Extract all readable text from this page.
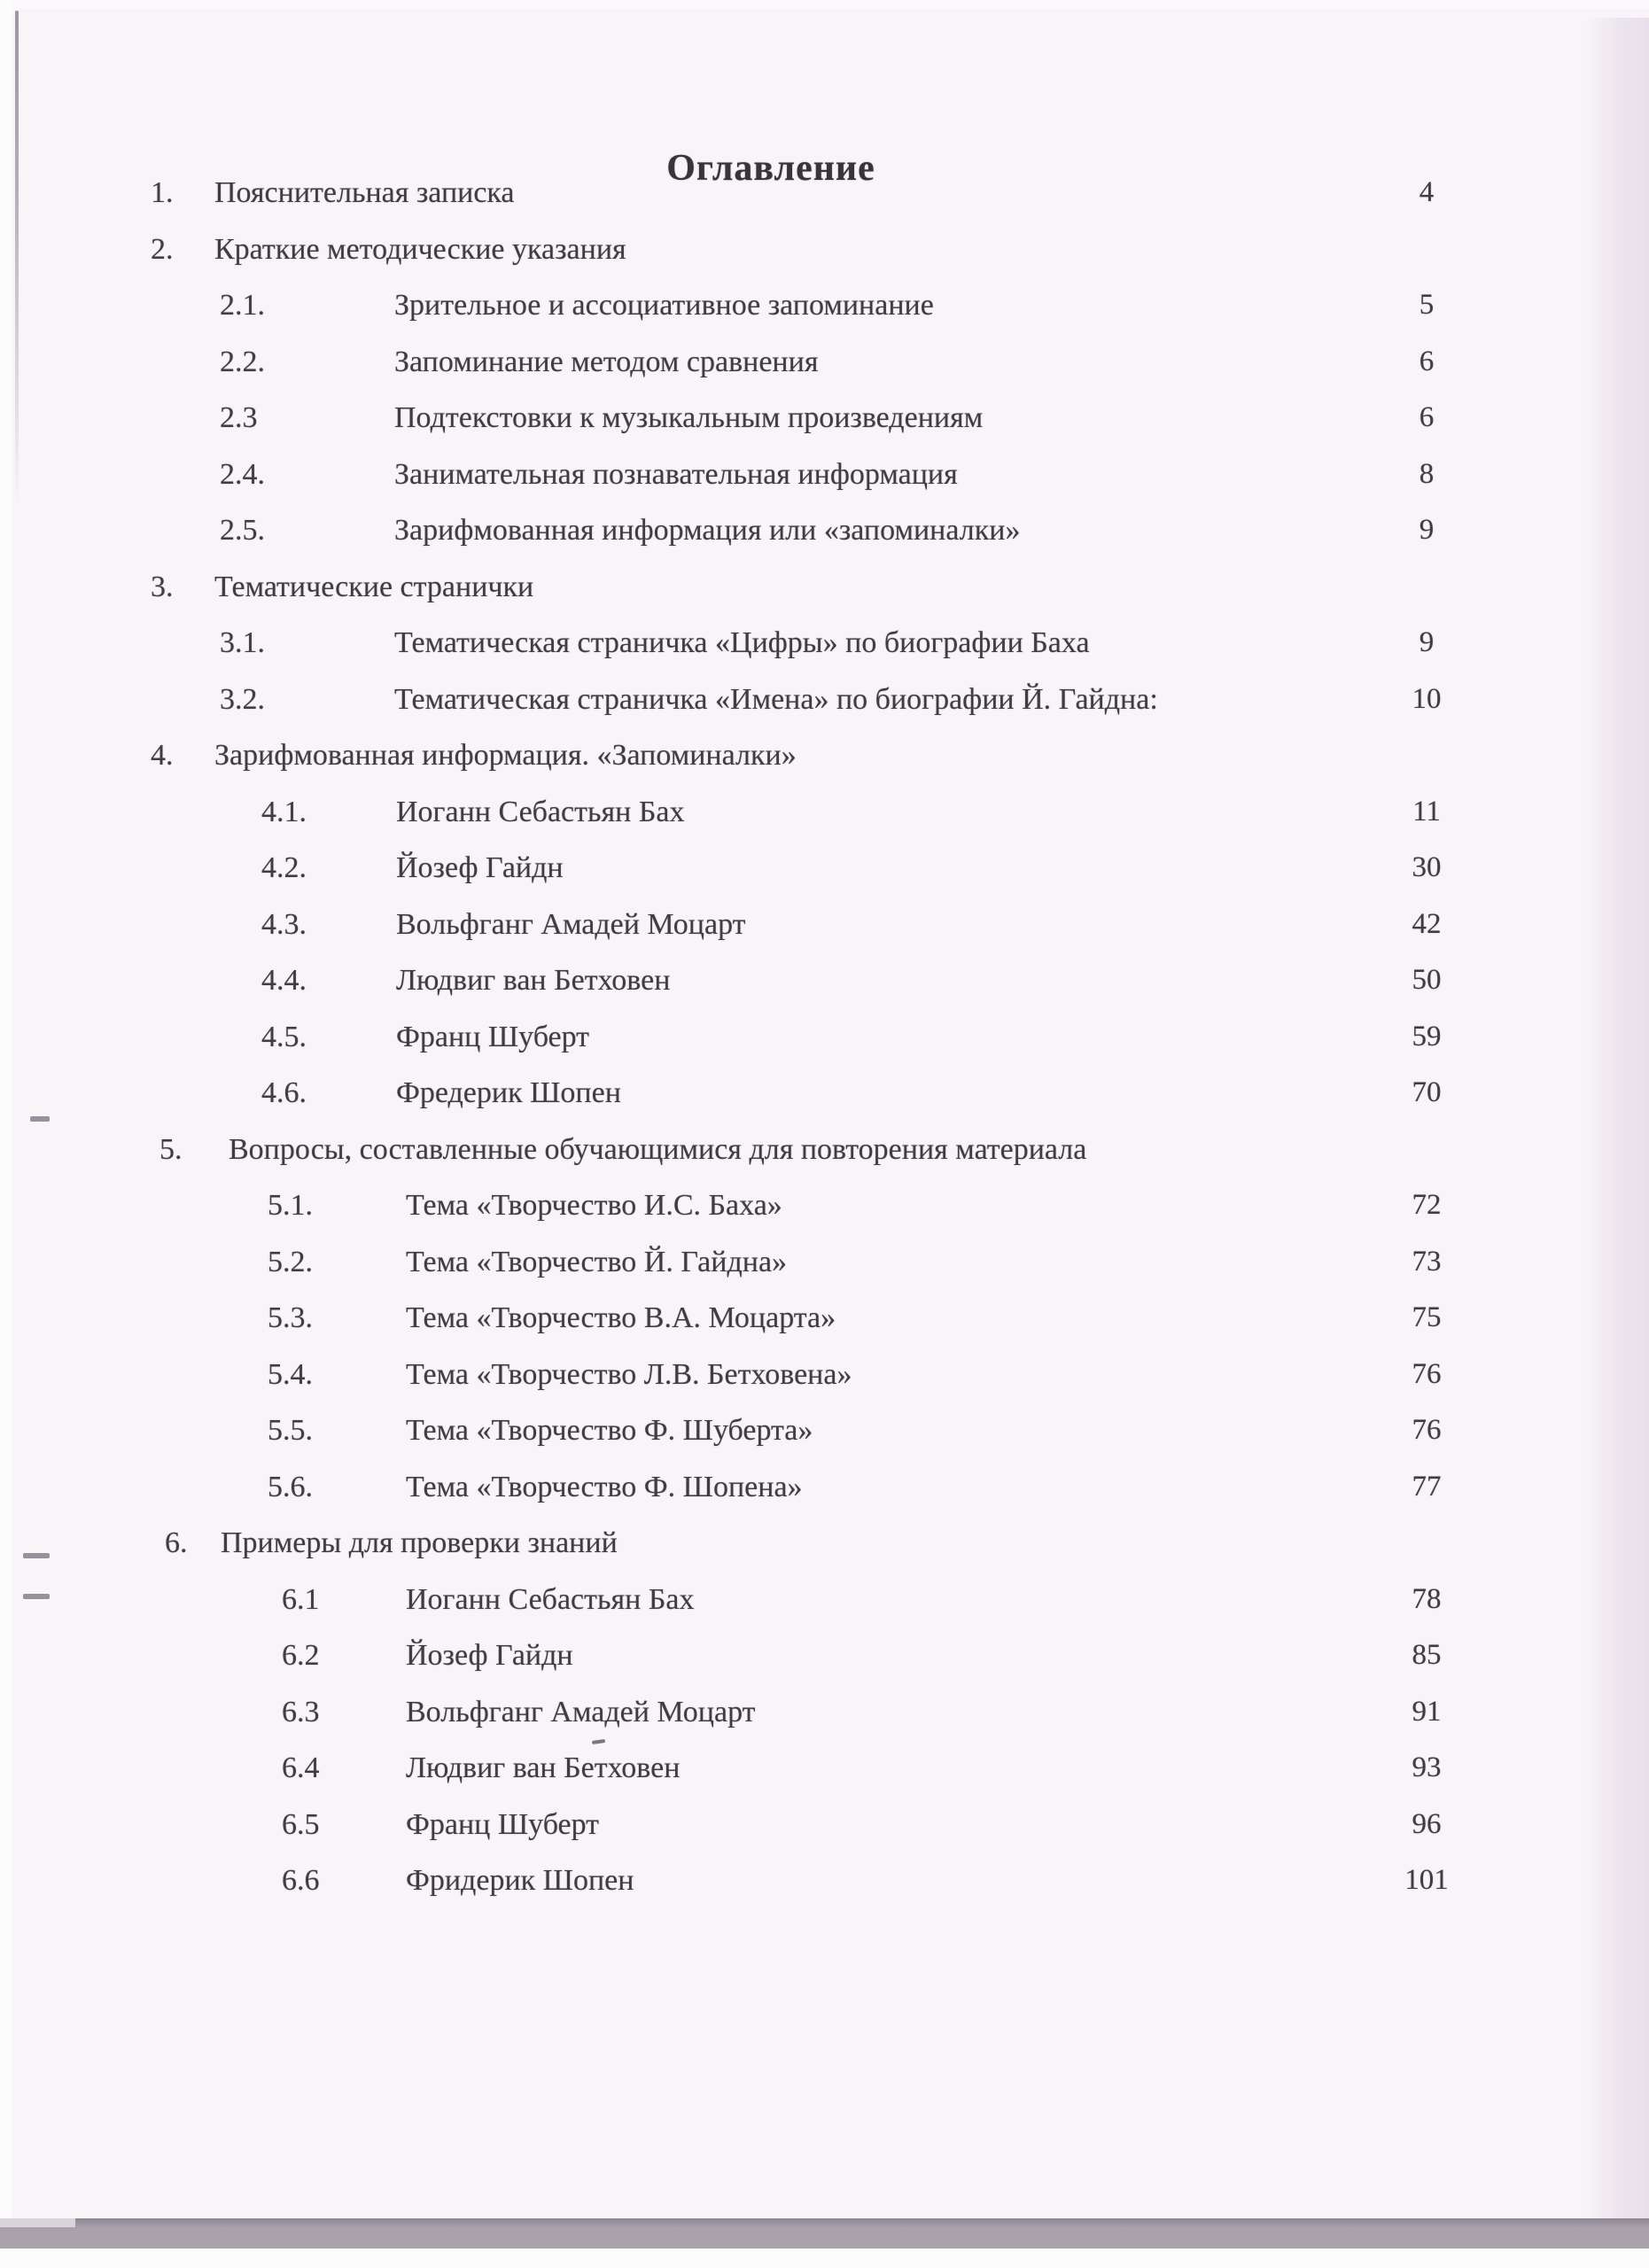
Оглавление
1. Пояснительная записка	4
2. Краткие методические указания
2.1.	Зрительное и ассоциативное запоминание	5
2.2.	Запоминание методом сравнения	6
2.3	Подтекстовки к музыкальным произведениям	6
2.4.	Занимательная познавательная информация	8
2.5.	Зарифмованная информация или «запоминалки»	9
3. Тематические странички
3.1.	Тематическая страничка «Цифры» по биографии Баха	9
3.2.	Тематическая страничка «Имена» по биографии Й. Гайдна:	10
4. Зарифмованная информация. «Запоминалки»
4.1.	Иоганн Себастьян Бах	11
4.2.	Йозеф Гайдн	30
4.3.	Вольфганг Амадей Моцарт	42
4.4.	Людвиг ван Бетховен	50
4.5.	Франц Шуберт	59
4.6.	Фредерик Шопен	70
5. Вопросы, составленные обучающимися для повторения материала
5.1.	Тема «Творчество И.С. Баха»	72
5.2.	Тема «Творчество Й. Гайдна»	73
5.3.	Тема «Творчество В.А. Моцарта»	75
5.4.	Тема «Творчество Л.В. Бетховена»	76
5.5.	Тема «Творчество Ф. Шуберта»	76
5.6.	Тема «Творчество Ф. Шопена»	77
6. Примеры для проверки знаний
6.1	Иоганн Себастьян Бах	78
6.2	Йозеф Гайдн	85
6.3	Вольфганг Амадей Моцарт	91
6.4	Людвиг ван Бетховен	93
6.5	Франц Шуберт	96
6.6	Фридерик Шопен	101
